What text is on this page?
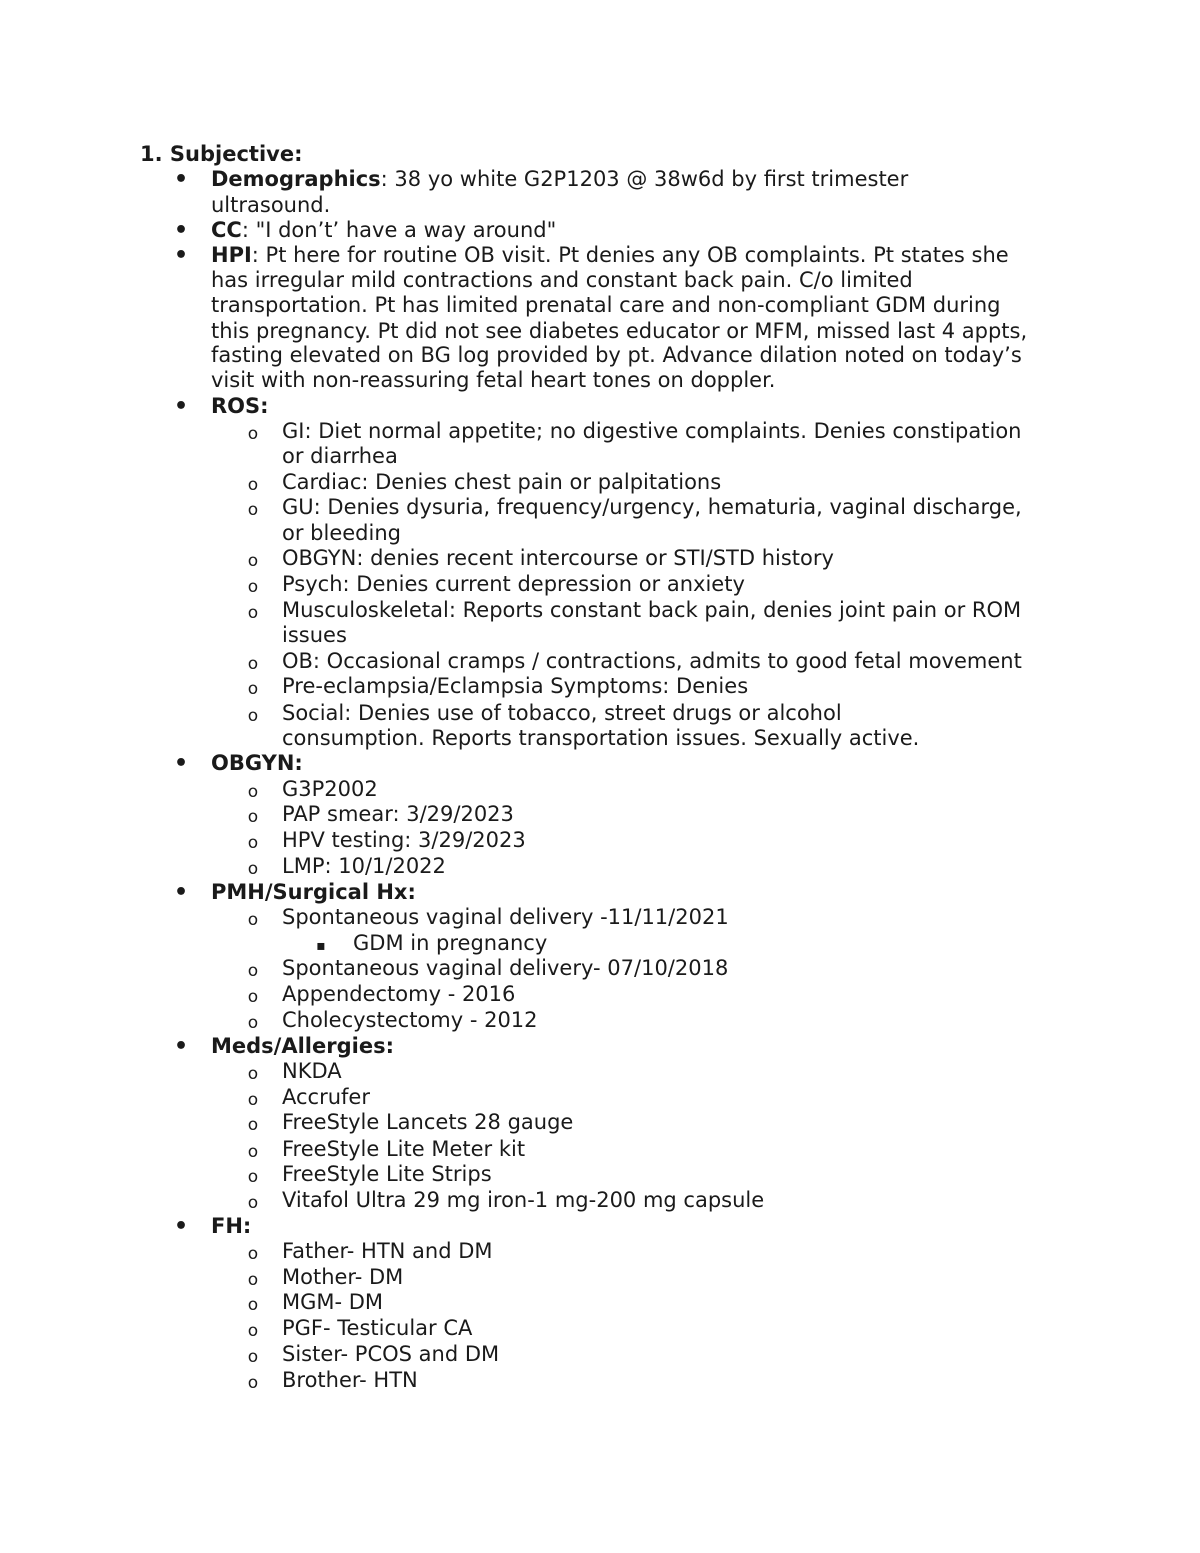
1. Subjective:
•
Demographics: 38 yo white G2P1203 @ 38w6d by first trimester
ultrasound.
•
CC: "I don’t’ have a way around"
•
HPI: Pt here for routine OB visit. Pt denies any OB complaints. Pt states she
has irregular mild contractions and constant back pain. C/o limited
transportation. Pt has limited prenatal care and non-compliant GDM during
this pregnancy. Pt did not see diabetes educator or MFM, missed last 4 appts,
fasting elevated on BG log provided by pt. Advance dilation noted on today’s
visit with non-reassuring fetal heart tones on doppler.
•
ROS:
o
GI: Diet normal appetite; no digestive complaints. Denies constipation
or diarrhea
o
Cardiac: Denies chest pain or palpitations
o
GU: Denies dysuria, frequency/urgency, hematuria, vaginal discharge,
or bleeding
o
OBGYN: denies recent intercourse or STI/STD history
o
Psych: Denies current depression or anxiety
o
Musculoskeletal: Reports constant back pain, denies joint pain or ROM
issues
o
OB: Occasional cramps / contractions, admits to good fetal movement
o
Pre-eclampsia/Eclampsia Symptoms: Denies
o
Social: Denies use of tobacco, street drugs or alcohol
consumption. Reports transportation issues. Sexually active.
•
OBGYN:
o
G3P2002
o
PAP smear: 3/29/2023
o
HPV testing: 3/29/2023
o
LMP: 10/1/2022
•
PMH/Surgical Hx:
o
Spontaneous vaginal delivery -11/11/2021
▪
GDM in pregnancy
o
Spontaneous vaginal delivery- 07/10/2018
o
Appendectomy - 2016
o
Cholecystectomy - 2012
•
Meds/Allergies:
o
NKDA
o
Accrufer
o
FreeStyle Lancets 28 gauge
o
FreeStyle Lite Meter kit
o
FreeStyle Lite Strips
o
Vitafol Ultra 29 mg iron-1 mg-200 mg capsule
•
FH:
o
Father- HTN and DM
o
Mother- DM
o
MGM- DM
o
PGF- Testicular CA
o
Sister- PCOS and DM
o
Brother- HTN
